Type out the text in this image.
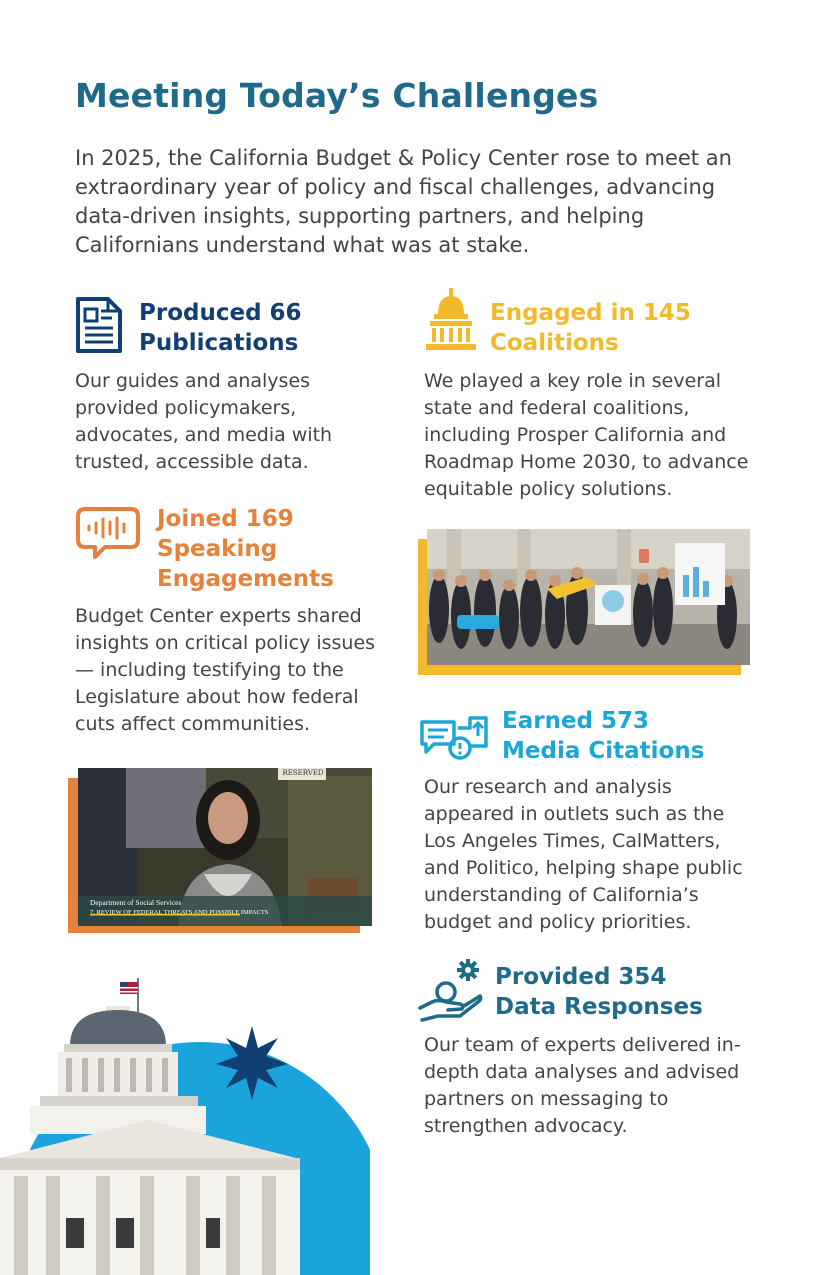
Meeting Today’s Challenges

In 2025, the California Budget & Policy Center rose to meet an extraordinary year of policy and fiscal challenges, advancing data-driven insights, supporting partners, and helping Californians understand what was at stake.

Produced 66
Publications
Our guides and analyses provided policymakers, advocates, and media with trusted, accessible data.
Engaged in 145
Coalitions
We played a key role in several state and federal coalitions, including Prosper California and Roadmap Home 2030, to advance equitable policy solutions.
Joined 169
Speaking
Engagements
Budget Center experts shared insights on critical policy issues — including testifying to the Legislature about how federal cuts affect communities.	Earned 573
Media Citations
Our research and analysis appeared in outlets such as the Los Angeles Times, CalMatters, and Politico, helping shape public understanding of California’s budget and policy priorities.
Provided 354
Data Responses
Our team of experts delivered in-depth data analyses and advised partners on messaging to strengthen advocacy.
RESERVED
Department of Social Services
7. REVIEW OF FEDERAL THREATS AND POSSIBLE IMPACTS
